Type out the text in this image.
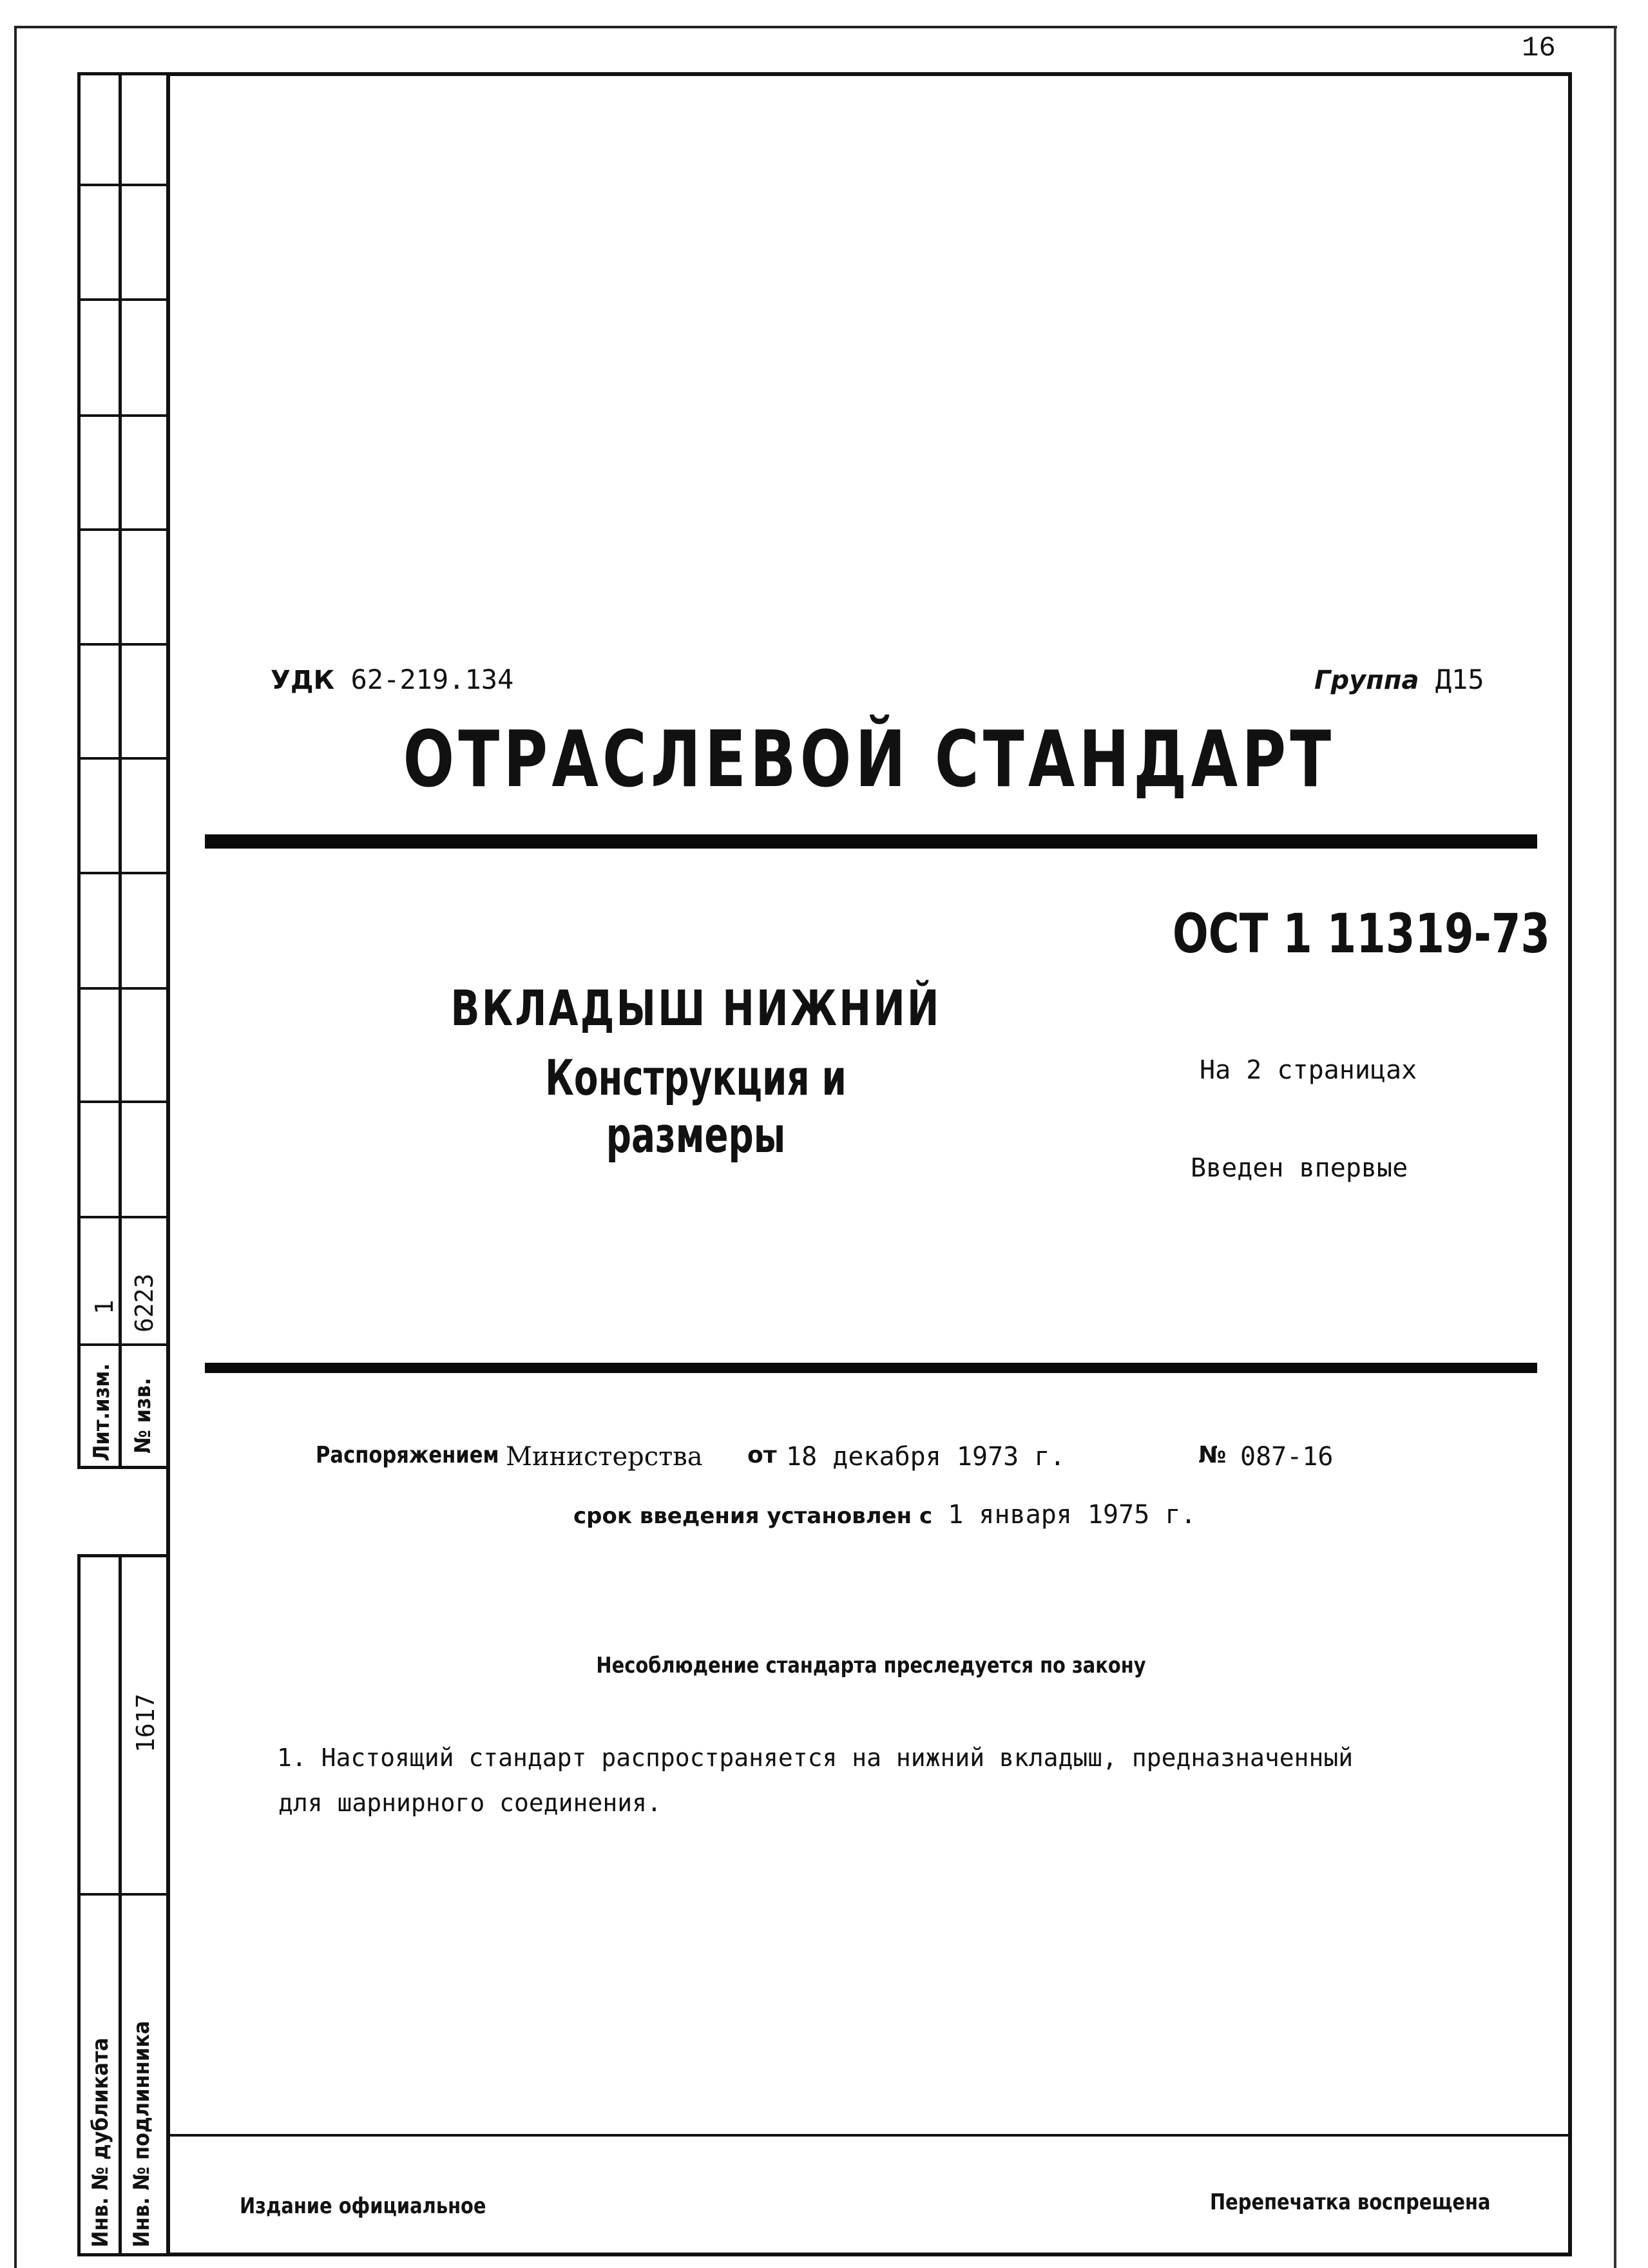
16
1 6223
Лит.изм. № изв.
1617
Инв. № дубликата Инв. № подлинника
УДК 62-219.134	Группа Д15
ОТРАСЛЕВОЙ СТАНДАРТ
ОСТ 1 11319-73
ВКЛАДЫШ НИЖНИЙ
Конструкция и размеры
На 2 страницах
Введен впервые
Распоряжением Министерства от 18 декабря 1973 г.	№ 087-16
срок введения установлен с 1 января 1975 г.
Несоблюдение стандарта преследуется по закону
1. Настоящий стандарт распространяется на нижний вкладыш, предназначенный
для шарнирного соединения.
Издание официальное	Перепечатка воспрещена
